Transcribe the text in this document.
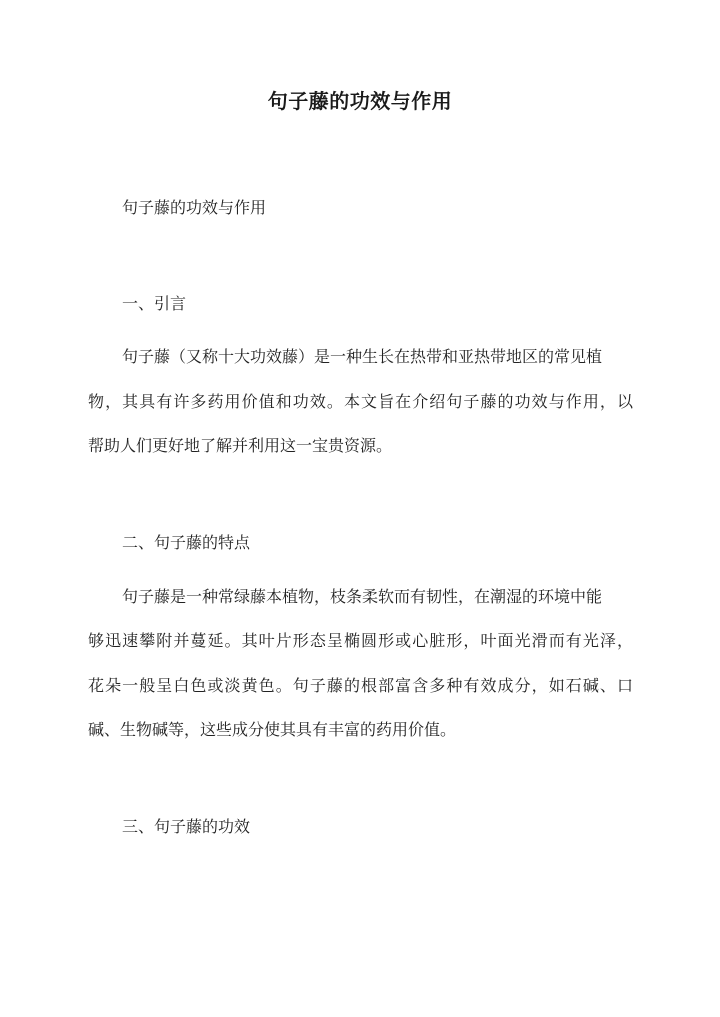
句子藤的功效与作用
句子藤的功效与作用
一、引言
句子藤（又称十大功效藤）是一种生长在热带和亚热带地区的常见植
物，其具有许多药用价值和功效。本文旨在介绍句子藤的功效与作用，以
帮助人们更好地了解并利用这一宝贵资源。
二、句子藤的特点
句子藤是一种常绿藤本植物，枝条柔软而有韧性，在潮湿的环境中能
够迅速攀附并蔓延。其叶片形态呈椭圆形或心脏形，叶面光滑而有光泽，
花朵一般呈白色或淡黄色。句子藤的根部富含多种有效成分，如石碱、口
碱、生物碱等，这些成分使其具有丰富的药用价值。
三、句子藤的功效
